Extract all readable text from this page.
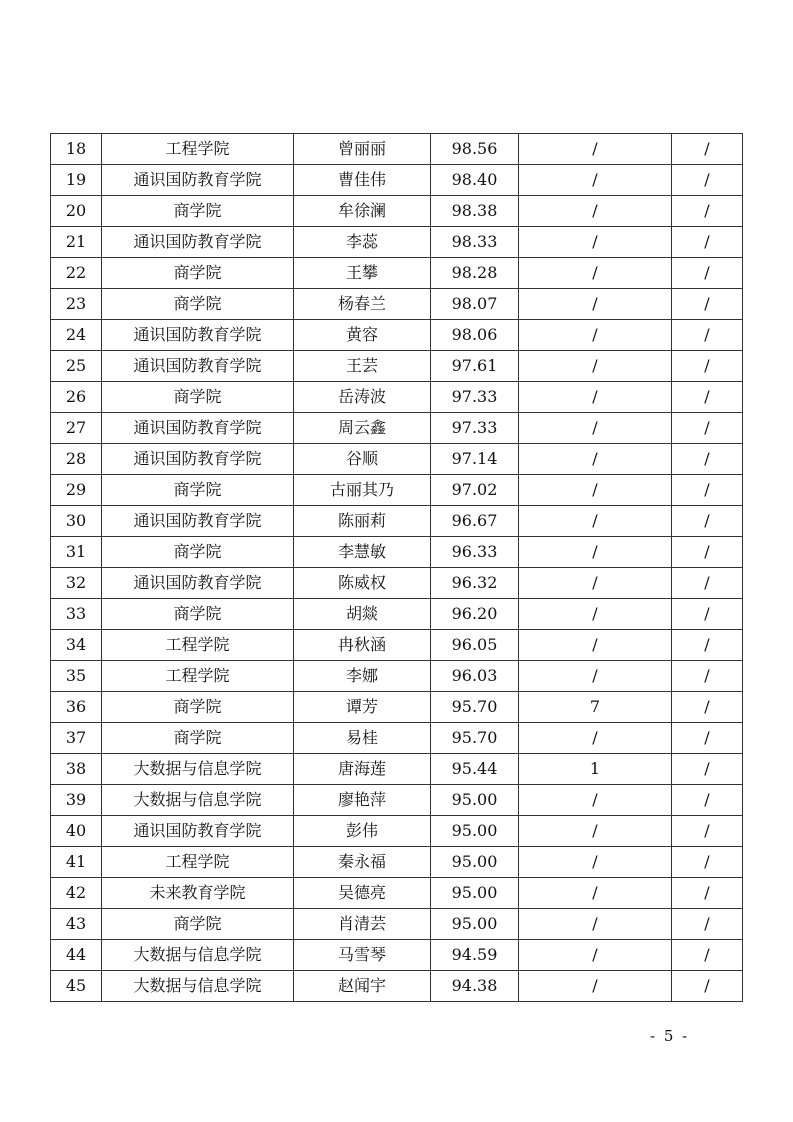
18	工程学院	曾丽丽	98.56	/	/
19	通识国防教育学院	曹佳伟	98.40	/	/
20	商学院	牟徐澜	98.38	/	/
21	通识国防教育学院	李蕊	98.33	/	/
22	商学院	王攀	98.28	/	/
23	商学院	杨春兰	98.07	/	/
24	通识国防教育学院	黄容	98.06	/	/
25	通识国防教育学院	王芸	97.61	/	/
26	商学院	岳涛波	97.33	/	/
27	通识国防教育学院	周云鑫	97.33	/	/
28	通识国防教育学院	谷顺	97.14	/	/
29	商学院	古丽其乃	97.02	/	/
30	通识国防教育学院	陈丽莉	96.67	/	/
31	商学院	李慧敏	96.33	/	/
32	通识国防教育学院	陈威权	96.32	/	/
33	商学院	胡燚	96.20	/	/
34	工程学院	冉秋涵	96.05	/	/
35	工程学院	李娜	96.03	/	/
36	商学院	谭芳	95.70	7	/
37	商学院	易桂	95.70	/	/
38	大数据与信息学院	唐海莲	95.44	1	/
39	大数据与信息学院	廖艳萍	95.00	/	/
40	通识国防教育学院	彭伟	95.00	/	/
41	工程学院	秦永福	95.00	/	/
42	未来教育学院	吴德亮	95.00	/	/
43	商学院	肖清芸	95.00	/	/
44	大数据与信息学院	马雪琴	94.59	/	/
45	大数据与信息学院	赵闻宇	94.38	/	/
- 5 -
